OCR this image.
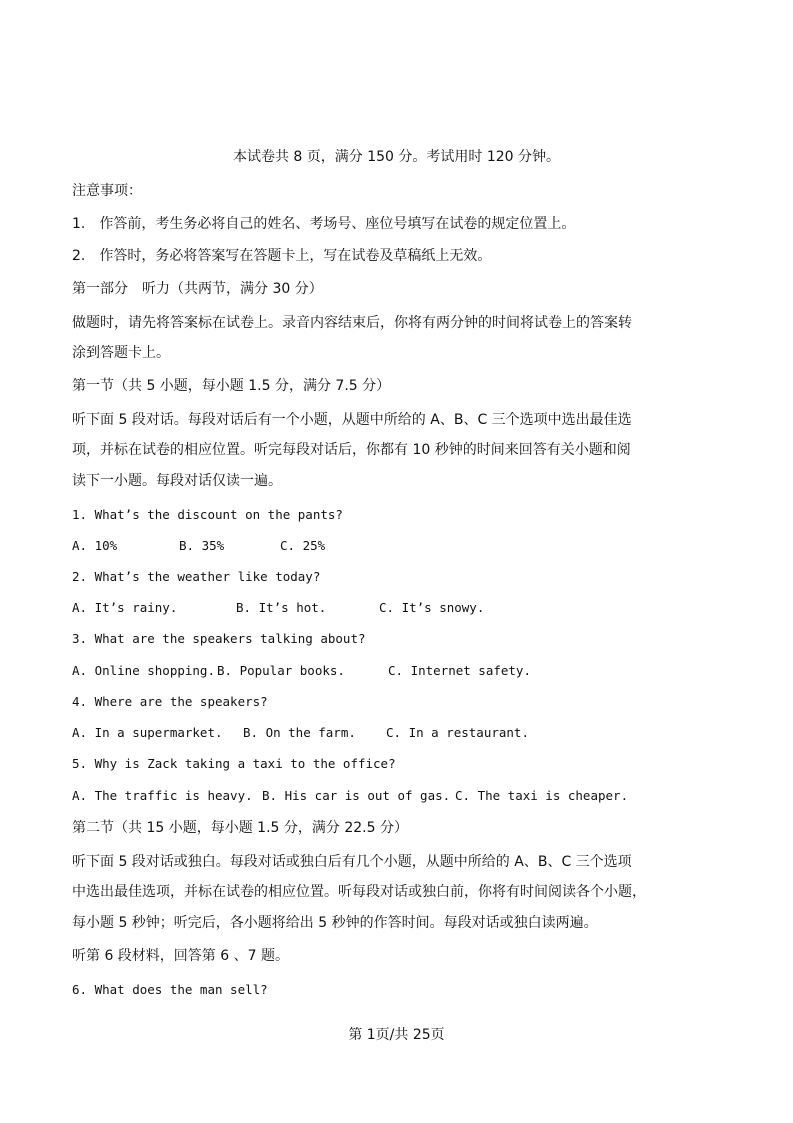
本试卷共 8 页，满分 150 分。考试用时 120 分钟。
注意事项：
1.　作答前，考生务必将自己的姓名、考场号、座位号填写在试卷的规定位置上。
2.　作答时，务必将答案写在答题卡上，写在试卷及草稿纸上无效。
第一部分　听力（共两节，满分 30 分）
做题时，请先将答案标在试卷上。录音内容结束后，你将有两分钟的时间将试卷上的答案转
涂到答题卡上。
第一节（共 5 小题，每小题 1.5 分，满分 7.5 分）
听下面 5 段对话。每段对话后有一个小题，从题中所给的 A、B、C 三个选项中选出最佳选
项，并标在试卷的相应位置。听完每段对话后，你都有 10 秒钟的时间来回答有关小题和阅
读下一小题。每段对话仅读一遍。
1. What’s the discount on the pants?
A. 10%	B. 35%	C. 25%
2. What’s the weather like today?
A. It’s rainy.	B. It’s hot.	C. It’s snowy.
3. What are the speakers talking about?
A. Online shopping. B. Popular books.	C. Internet safety.
4. Where are the speakers?
A. In a supermarket. B. On the farm. C. In a restaurant.
5. Why is Zack taking a taxi to the office?
A. The traffic is heavy. B. His car is out of gas. C. The taxi is cheaper.
第二节（共 15 小题，每小题 1.5 分，满分 22.5 分）
听下面 5 段对话或独白。每段对话或独白后有几个小题，从题中所给的 A、B、C 三个选项
中选出最佳选项，并标在试卷的相应位置。听每段对话或独白前，你将有时间阅读各个小题，
每小题 5 秒钟；听完后，各小题将给出 5 秒钟的作答时间。每段对话或独白读两遍。
听第 6 段材料，回答第 6 、7 题。
6. What does the man sell?
第 1页/共 25页
